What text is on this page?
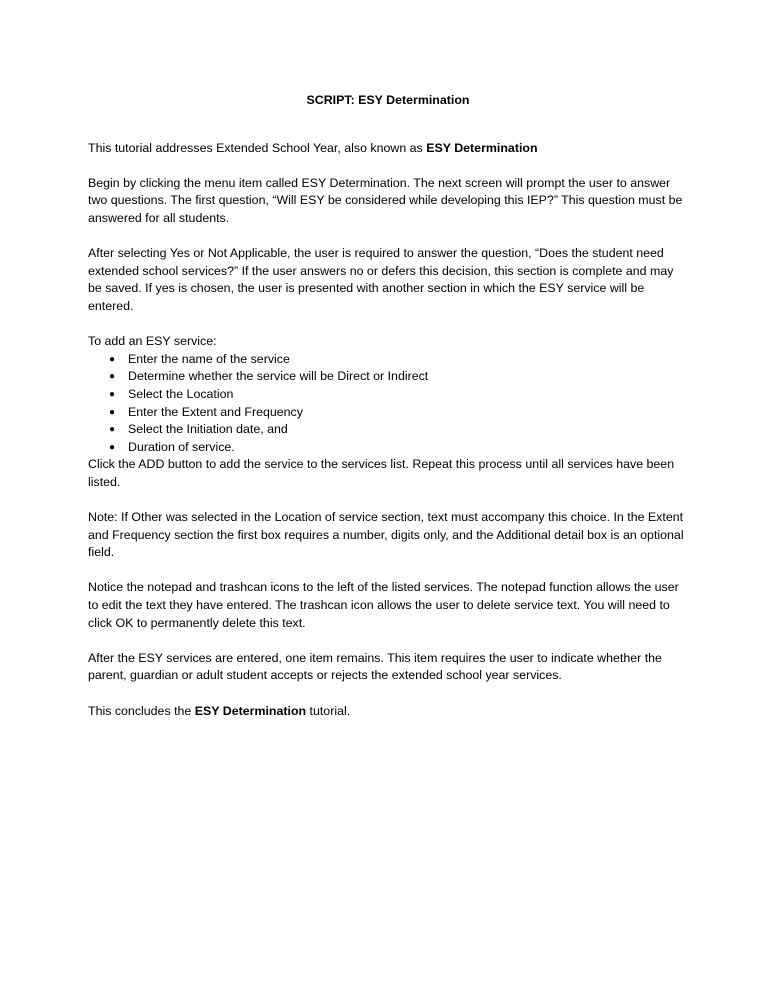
SCRIPT: ESY Determination

This tutorial addresses Extended School Year, also known as ESY Determination

Begin by clicking the menu item called ESY Determination. The next screen will prompt the user to answer two questions. The first question, “Will ESY be considered while developing this IEP?” This question must be answered for all students.

After selecting Yes or Not Applicable, the user is required to answer the question, “Does the student need extended school services?” If the user answers no or defers this decision, this section is complete and may be saved. If yes is chosen, the user is presented with another section in which the ESY service will be entered.

To add an ESY service:

● Enter the name of the service
● Determine whether the service will be Direct or Indirect
● Select the Location
● Enter the Extent and Frequency
● Select the Initiation date, and
● Duration of service.

Click the ADD button to add the service to the services list. Repeat this process until all services have been listed.

Note: If Other was selected in the Location of service section, text must accompany this choice. In the Extent and Frequency section the first box requires a number, digits only, and the Additional detail box is an optional field.

Notice the notepad and trashcan icons to the left of the listed services. The notepad function allows the user to edit the text they have entered. The trashcan icon allows the user to delete service text. You will need to click OK to permanently delete this text.

After the ESY services are entered, one item remains. This item requires the user to indicate whether the parent, guardian or adult student accepts or rejects the extended school year services.

This concludes the ESY Determination tutorial.
